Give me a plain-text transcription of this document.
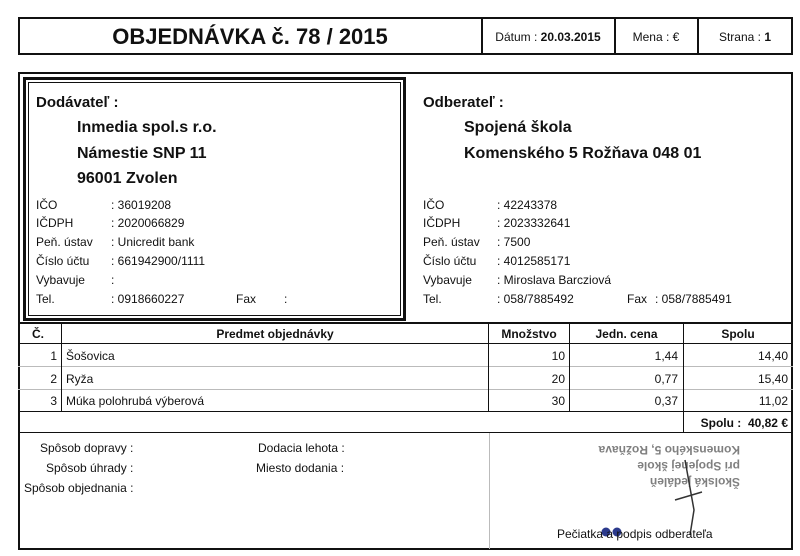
OBJEDNÁVKA č. 78 / 2015	Dátum : 20.03.2015	Mena : €	Strana : 1
Dodávateľ :
Inmedia spol.s r.o.
Námestie SNP 11
96001 Zvolen
IČO	: 36019208
IČDPH	: 2020066829
Peň. ústav : Unicredit bank
Číslo účtu : 661942900/1111
Vybavuje :
Tel.	: 0918660227	Fax :
Odberateľ :
Spojená škola
Komenského 5 Rožňava 048 01
IČO	: 42243378
IČDPH	: 2023332641
Peň. ústav : 7500
Číslo účtu : 4012585171
Vybavuje : Miroslava Barcziová
Tel.	: 058/7885492	Fax : 058/7885491
Č.	Predmet objednávky	Množstvo	Jedn. cena	Spolu
1 Šošovica	10	1,44	14,40
2 Ryža	20	0,77	15,40
3 Múka polohrubá výberová	30	0,37	11,02
Spolu : 40,82 €
Spôsob dopravy :
Spôsob úhrady :
Spôsob objednania :
Dodacia lehota :
Miesto dodania :
Školská jedáleň
pri Spojenej škole
Komenského 5, Rožňava
Pečiatka a podpis odberateľa
